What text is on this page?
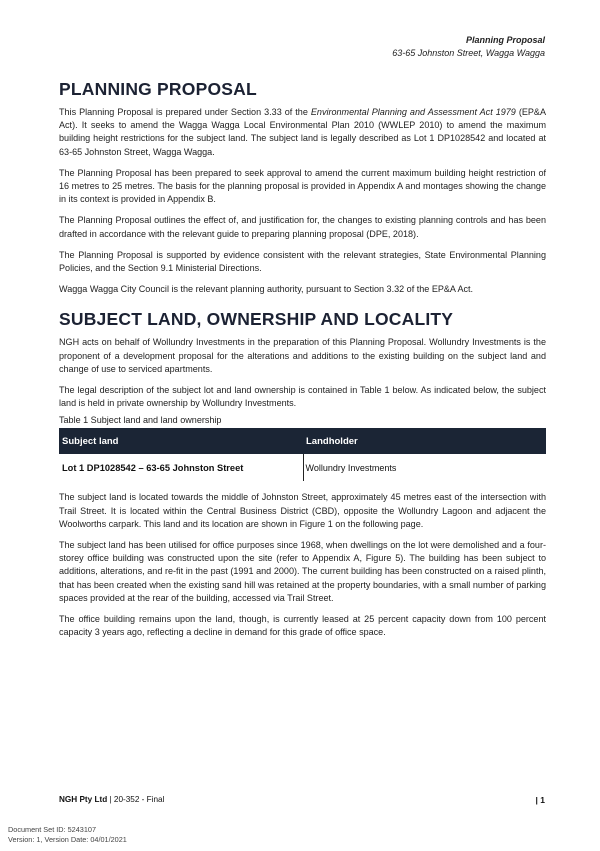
Planning Proposal
63-65 Johnston Street, Wagga Wagga
PLANNING PROPOSAL

This Planning Proposal is prepared under Section 3.33 of the Environmental Planning and Assessment Act 1979 (EP&A Act). It seeks to amend the Wagga Wagga Local Environmental Plan 2010 (WWLEP 2010) to amend the maximum building height restrictions for the subject land. The subject land is legally described as Lot 1 DP1028542 and located at 63-65 Johnston Street, Wagga Wagga.

The Planning Proposal has been prepared to seek approval to amend the current maximum building height restriction of 16 metres to 25 metres. The basis for the planning proposal is provided in Appendix A and montages showing the change in its context is provided in Appendix B.

The Planning Proposal outlines the effect of, and justification for, the changes to existing planning controls and has been drafted in accordance with the relevant guide to preparing planning proposal (DPE, 2018).

The Planning Proposal is supported by evidence consistent with the relevant strategies, State Environmental Planning Policies, and the Section 9.1 Ministerial Directions.

Wagga Wagga City Council is the relevant planning authority, pursuant to Section 3.32 of the EP&A Act.

SUBJECT LAND, OWNERSHIP AND LOCALITY

NGH acts on behalf of Wollundry Investments in the preparation of this Planning Proposal. Wollundry Investments is the proponent of a development proposal for the alterations and additions to the existing building on the subject land and change of use to serviced apartments.

The legal description of the subject lot and land ownership is contained in Table 1 below. As indicated below, the subject land is held in private ownership by Wollundry Investments.

Table 1 Subject land and land ownership
Subject land	Landholder
Lot 1 DP1028542 – 63-65 Johnston Street	Wollundry Investments

The subject land is located towards the middle of Johnston Street, approximately 45 metres east of the intersection with Trail Street. It is located within the Central Business District (CBD), opposite the Wollundry Lagoon and adjacent the Woolworths carpark. This land and its location are shown in Figure 1 on the following page.

The subject land has been utilised for office purposes since 1968, when dwellings on the lot were demolished and a four-storey office building was constructed upon the site (refer to Appendix A, Figure 5). The building has been subject to additions, alterations, and re-fit in the past (1991 and 2000). The current building has been constructed on a raised plinth, that has been created when the existing sand hill was retained at the property boundaries, with a small number of parking spaces provided at the rear of the building, accessed via Trail Street.

The office building remains upon the land, though, is currently leased at 25 percent capacity down from 100 percent capacity 3 years ago, reflecting a decline in demand for this grade of office space.

NGH Pty Ltd | 20-352 - Final	| 1
Document Set ID: 5243107
Version: 1, Version Date: 04/01/2021
